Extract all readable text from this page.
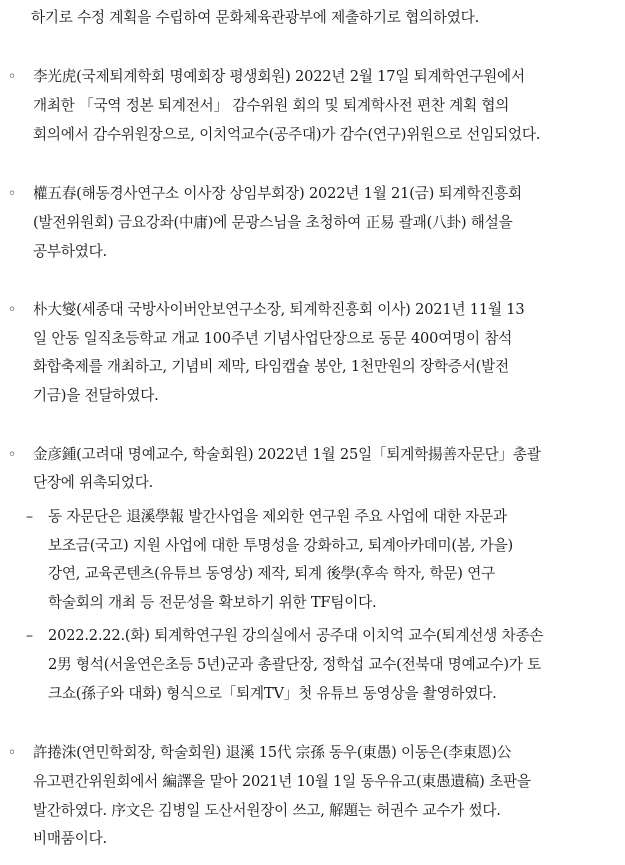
하기로 수정 계획을 수립하여 문화체육관광부에 제출하기로 협의하였다.
◦ 李光虎(국제퇴계학회 명예회장 평생회원) 2022년 2월 17일 퇴계학연구원에서
개최한 「국역 정본 퇴계전서」 감수위원 회의 및 퇴계학사전 편찬 계획 협의
회의에서 감수위원장으로, 이치억교수(공주대)가 감수(연구)위원으로 선임되었다.
◦ 權五春(해동경사연구소 이사장 상임부회장) 2022년 1월 21(금) 퇴계학진흥회
(발전위원회) 금요강좌(中庸)에 문광스님을 초청하여 正易 괄괘(八卦) 해설을
공부하였다.
◦ 朴大燮(세종대 국방사이버안보연구소장, 퇴계학진흥회 이사) 2021년 11월 13
일 안동 일직초등학교 개교 100주년 기념사업단장으로 동문 400여명이 참석
화합축제를 개최하고, 기념비 제막, 타임캡슐 봉안, 1천만원의 장학증서(발전
기금)을 전달하였다.
◦ 金彦鍾(고려대 명예교수, 학술회원) 2022년 1월 25일「퇴계학揚善자문단」총괄
단장에 위촉되었다.
– 동 자문단은 退溪學報 발간사업을 제외한 연구원 주요 사업에 대한 자문과
보조금(국고) 지원 사업에 대한 투명성을 강화하고, 퇴계아카데미(봄, 가을)
강연, 교육콘텐츠(유튜브 동영상) 제작, 퇴계 後學(후속 학자, 학문) 연구
학술회의 개최 등 전문성을 확보하기 위한 TF팀이다.
– 2022.2.22.(화) 퇴계학연구원 강의실에서 공주대 이치억 교수(퇴계선생 차종손
2男 형석(서울연은초등 5년)군과 총괄단장, 정학섭 교수(전북대 명예교수)가 토
크쇼(孫子와 대화) 형식으로「퇴계TV」첫 유튜브 동영상을 촬영하였다.
◦ 許捲洙(연민학회장, 학술회원) 退溪 15代 宗孫 동우(東愚) 이동은(李東恩)公
유고편간위원회에서 編譯을 맡아 2021년 10월 1일 동우유고(東愚遺稿) 초판을
발간하였다. 序文은 김병일 도산서원장이 쓰고, 解題는 허권수 교수가 썼다.
비매품이다.
